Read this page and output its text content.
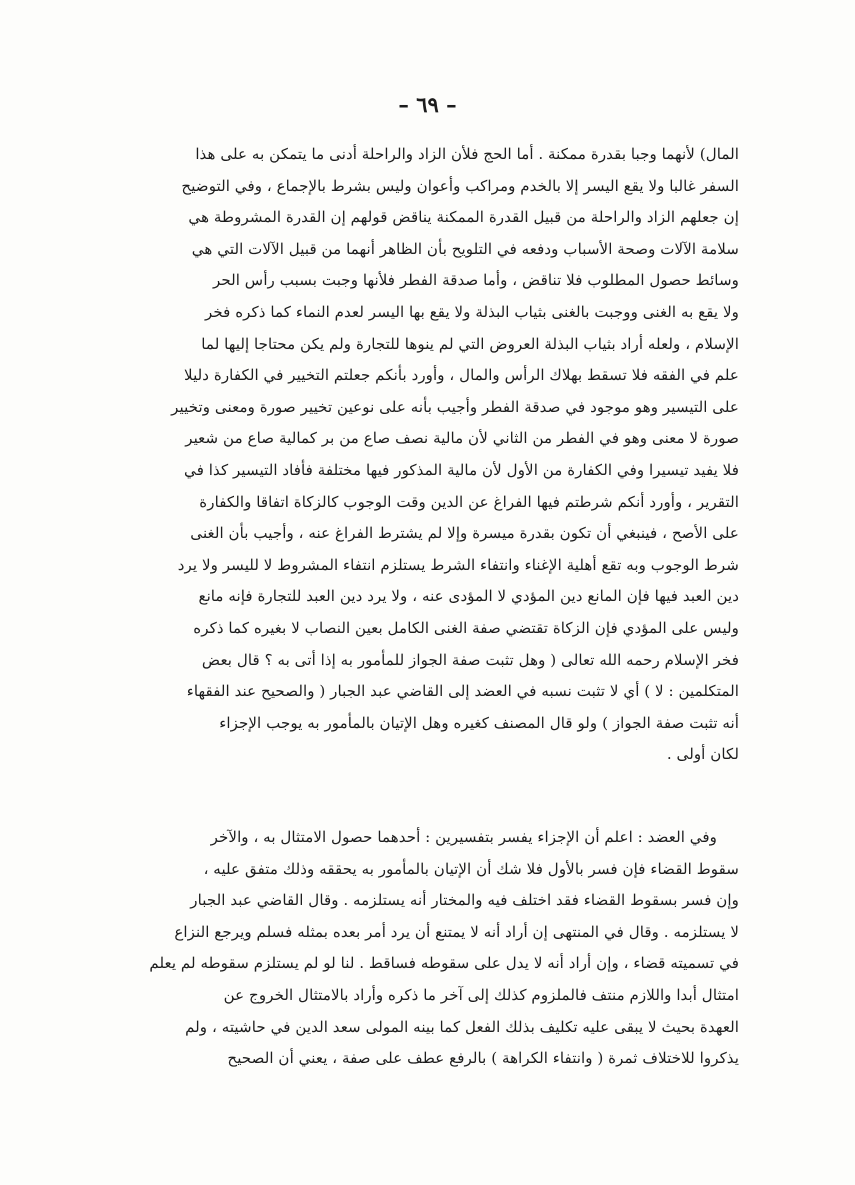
– ٦٩ –
المال) لأنهما وجبا بقدرة ممكنة . أما الحج فلأن الزاد والراحلة أدنى ما يتمكن به على هذا
السفر غالبا ولا يقع اليسر إلا بالخدم ومراكب وأعوان وليس بشرط بالإجماع ، وفي التوضيح
إن جعلهم الزاد والراحلة من قبيل القدرة الممكنة يناقض قولهم إن القدرة المشروطة هي
سلامة الآلات وصحة الأسباب ودفعه في التلويح بأن الظاهر أنهما من قبيل الآلات التي هي
وسائط حصول المطلوب فلا تناقض ، وأما صدقة الفطر فلأنها وجبت بسبب رأس الحر
ولا يقع به الغنى ووجبت بالغنى بثياب البذلة ولا يقع بها اليسر لعدم النماء كما ذكره فخر
الإسلام ، ولعله أراد بثياب البذلة العروض التي لم ينوها للتجارة ولم يكن محتاجا إليها لما
علم في الفقه فلا تسقط بهلاك الرأس والمال ، وأورد بأنكم جعلتم التخيير في الكفارة دليلا
على التيسير وهو موجود في صدقة الفطر وأجيب بأنه على نوعين تخيير صورة ومعنى وتخيير
صورة لا معنى وهو في الفطر من الثاني لأن مالية نصف صاع من بر كمالية صاع من شعير
فلا يفيد تيسيرا وفي الكفارة من الأول لأن مالية المذكور فيها مختلفة فأفاد التيسير كذا في
التقرير ، وأورد أنكم شرطتم فيها الفراغ عن الدين وقت الوجوب كالزكاة اتفاقا والكفارة
على الأصح ، فينبغي أن تكون بقدرة ميسرة وإلا لم يشترط الفراغ عنه ، وأجيب بأن الغنى
شرط الوجوب وبه تقع أهلية الإغناء وانتفاء الشرط يستلزم انتفاء المشروط لا لليسر ولا يرد
دين العبد فيها فإن المانع دين المؤدي لا المؤدى عنه ، ولا يرد دين العبد للتجارة فإنه مانع
وليس على المؤدي فإن الزكاة تقتضي صفة الغنى الكامل بعين النصاب لا بغيره كما ذكره
فخر الإسلام رحمه الله تعالى ( وهل تثبت صفة الجواز للمأمور به إذا أتى به ؟ قال بعض
المتكلمين : لا ) أي لا تثبت نسبه في العضد إلى القاضي عبد الجبار ( والصحيح عند الفقهاء
أنه تثبت صفة الجواز ) ولو قال المصنف كغيره وهل الإتيان بالمأمور به يوجب الإجزاء
لكان أولى .
وفي العضد : اعلم أن الإجزاء يفسر بتفسيرين : أحدهما حصول الامتثال به ، والآخر
سقوط القضاء فإن فسر بالأول فلا شك أن الإتيان بالمأمور به يحققه وذلك متفق عليه ،
وإن فسر بسقوط القضاء فقد اختلف فيه والمختار أنه يستلزمه . وقال القاضي عبد الجبار
لا يستلزمه . وقال في المنتهى إن أراد أنه لا يمتنع أن يرد أمر بعده بمثله فسلم ويرجع النزاع
في تسميته قضاء ، وإن أراد أنه لا يدل على سقوطه فساقط . لنا لو لم يستلزم سقوطه لم يعلم
امتثال أبدا واللازم منتف فالملزوم كذلك إلى آخر ما ذكره وأراد بالامتثال الخروج عن
العهدة بحيث لا يبقى عليه تكليف بذلك الفعل كما بينه المولى سعد الدين في حاشيته ، ولم
يذكروا للاختلاف ثمرة ( وانتفاء الكراهة ) بالرفع عطف على صفة ، يعني أن الصحيح
